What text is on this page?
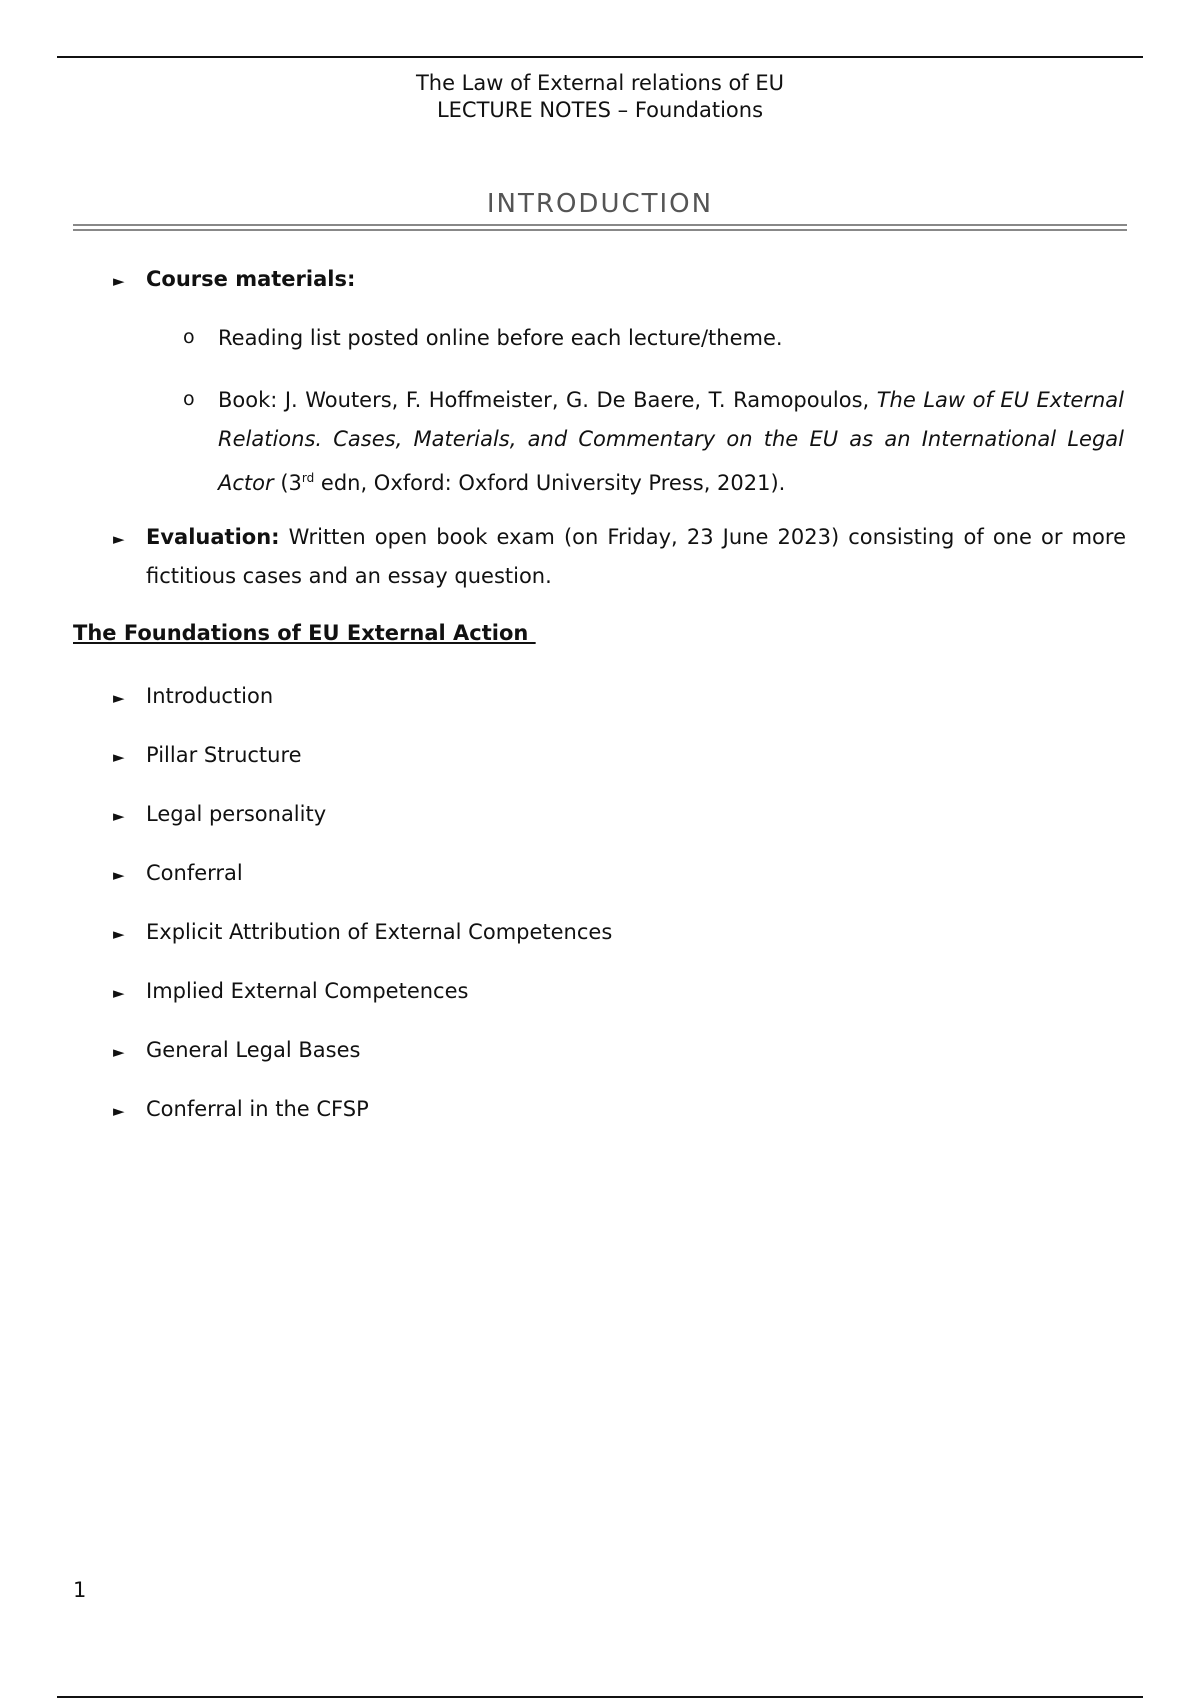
The Law of External relations of EU
LECTURE NOTES – Foundations
INTRODUCTION
► Course materials:
o Reading list posted online before each lecture/theme.
o Book: J. Wouters, F. Hoffmeister, G. De Baere, T. Ramopoulos, The Law of EU External Relations. Cases, Materials, and Commentary on the EU as an International Legal Actor (3rd edn, Oxford: Oxford University Press, 2021).
► Evaluation: Written open book exam (on Friday, 23 June 2023) consisting of one or more fictitious cases and an essay question.
The Foundations of EU External Action
► Introduction
► Pillar Structure
► Legal personality
► Conferral
► Explicit Attribution of External Competences
► Implied External Competences
► General Legal Bases
► Conferral in the CFSP
1
